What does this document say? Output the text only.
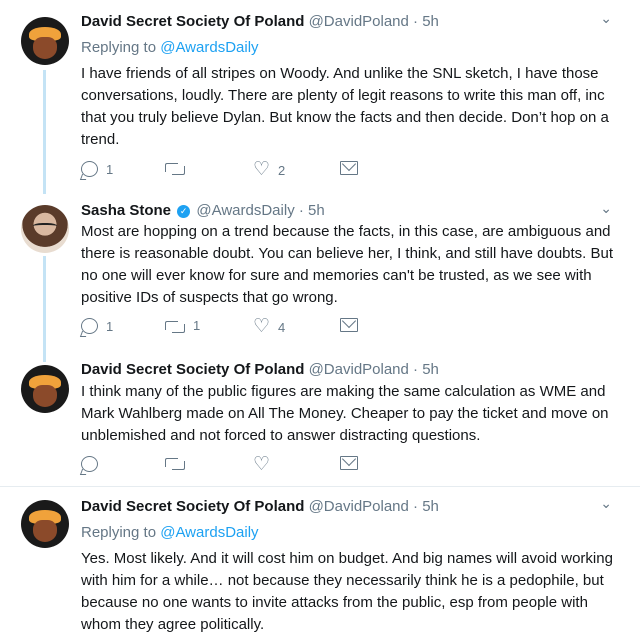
David Secret Society Of Poland @DavidPoland · 5h	⌄
Replying to @AwardsDaily
I have friends of all stripes on Woody. And unlike the SNL sketch, I have those conversations, loudly. There are plenty of legit reasons to write this man off, inc that you truly believe Dylan. But know the facts and then decide. Don’t hop on a trend.
1	♡ 2
Sasha Stone ✓ @AwardsDaily · 5h	⌄
Most are hopping on a trend because the facts, in this case, are ambiguous and there is reasonable doubt. You can believe her, I think, and still have doubts. But no one will ever know for sure and memories can't be trusted, as we see with positive IDs of suspects that go wrong.
1	1	♡ 4
David Secret Society Of Poland @DavidPoland · 5h
I think many of the public figures are making the same calculation as WME and Mark Wahlberg made on All The Money. Cheaper to pay the ticket and move on unblemished and not forced to answer distracting questions.
♡
David Secret Society Of Poland @DavidPoland · 5h	⌄
Replying to @AwardsDaily
Yes. Most likely. And it will cost him on budget. And big names will avoid working with him for a while… not because they necessarily think he is a pedophile, but because no one wants to invite attacks from the public, esp from people with whom they agree politically.
